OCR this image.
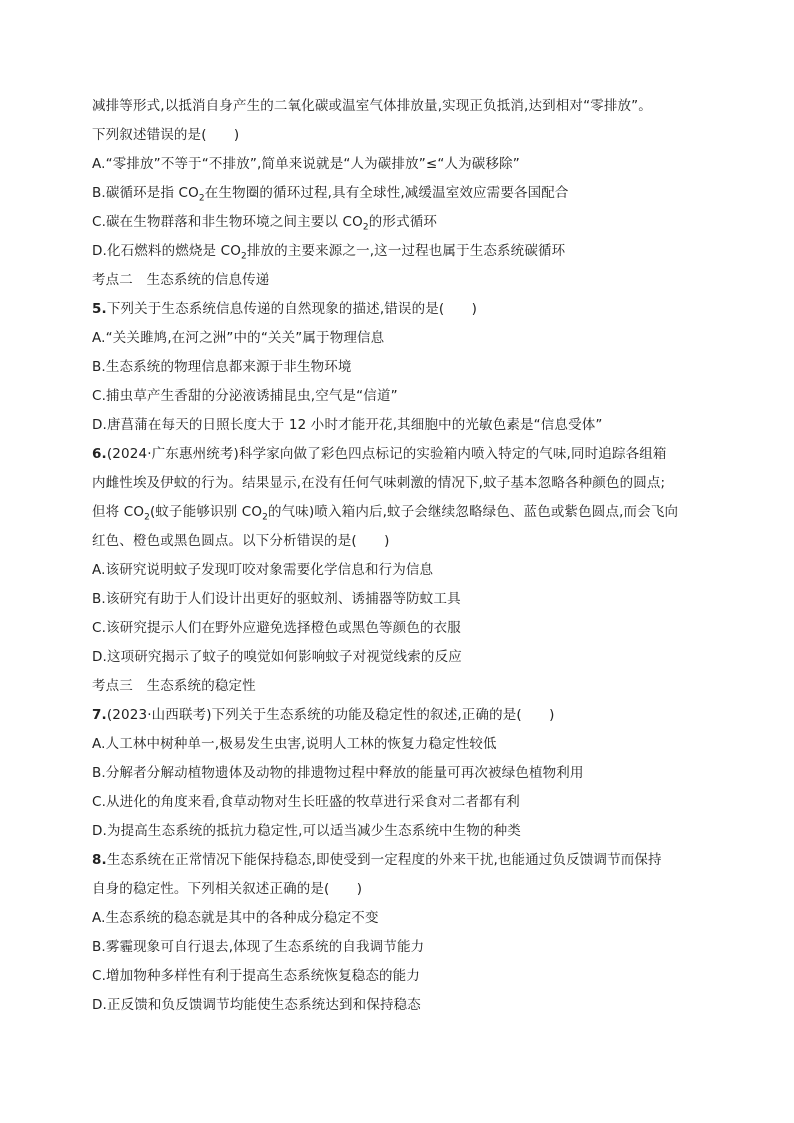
减排等形式,以抵消自身产生的二氧化碳或温室气体排放量,实现正负抵消,达到相对“零排放”。
下列叙述错误的是(　　)
A.“零排放”不等于“不排放”,简单来说就是“人为碳排放”≤“人为碳移除”
B.碳循环是指 $CO_2$在生物圈的循环过程,具有全球性,减缓温室效应需要各国配合
C.碳在生物群落和非生物环境之间主要以 $CO_2$的形式循环
D.化石燃料的燃烧是 $CO_2$排放的主要来源之一,这一过程也属于生态系统碳循环
考点二　生态系统的信息传递
5.下列关于生态系统信息传递的自然现象的描述,错误的是(　　)
A.“关关雎鸠,在河之洲”中的“关关”属于物理信息
B.生态系统的物理信息都来源于非生物环境
C.捕虫草产生香甜的分泌液诱捕昆虫,空气是“信道”
D.唐菖蒲在每天的日照长度大于 12 小时才能开花,其细胞中的光敏色素是“信息受体”
6.(2024·广东惠州统考)科学家向做了彩色四点标记的实验箱内喷入特定的气味,同时追踪各组箱
内雌性埃及伊蚊的行为。结果显示,在没有任何气味刺激的情况下,蚊子基本忽略各种颜色的圆点;
但将 $CO_2$(蚊子能够识别 $CO_2$的气味)喷入箱内后,蚊子会继续忽略绿色、蓝色或紫色圆点,而会飞向
红色、橙色或黑色圆点。以下分析错误的是(　　)
A.该研究说明蚊子发现叮咬对象需要化学信息和行为信息
B.该研究有助于人们设计出更好的驱蚊剂、诱捕器等防蚊工具
C.该研究提示人们在野外应避免选择橙色或黑色等颜色的衣服
D.这项研究揭示了蚊子的嗅觉如何影响蚊子对视觉线索的反应
考点三　生态系统的稳定性
7.(2023·山西联考)下列关于生态系统的功能及稳定性的叙述,正确的是(　　)
A.人工林中树种单一,极易发生虫害,说明人工林的恢复力稳定性较低
B.分解者分解动植物遗体及动物的排遗物过程中释放的能量可再次被绿色植物利用
C.从进化的角度来看,食草动物对生长旺盛的牧草进行采食对二者都有利
D.为提高生态系统的抵抗力稳定性,可以适当减少生态系统中生物的种类
8.生态系统在正常情况下能保持稳态,即使受到一定程度的外来干扰,也能通过负反馈调节而保持
自身的稳定性。下列相关叙述正确的是(　　)
A.生态系统的稳态就是其中的各种成分稳定不变
B.雾霾现象可自行退去,体现了生态系统的自我调节能力
C.增加物种多样性有利于提高生态系统恢复稳态的能力
D.正反馈和负反馈调节均能使生态系统达到和保持稳态
